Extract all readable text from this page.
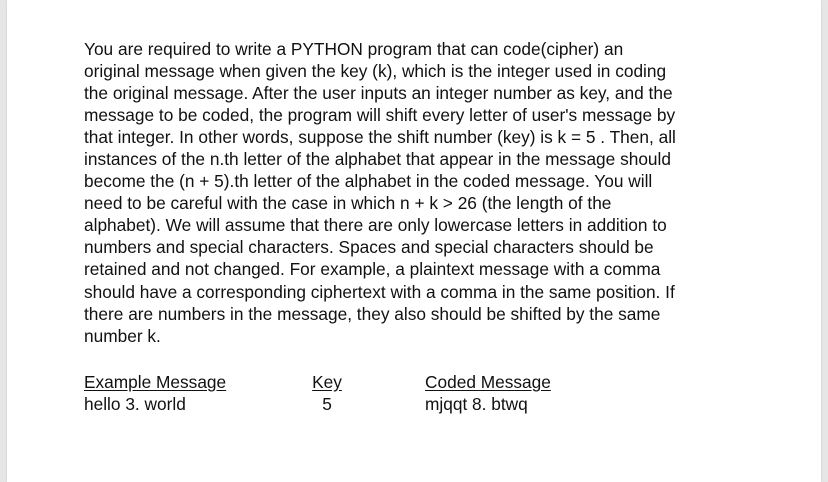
You are required to write a PYTHON program that can code(cipher) an
original message when given the key (k), which is the integer used in coding
the original message. After the user inputs an integer number as key, and the
message to be coded, the program will shift every letter of user's message by
that integer. In other words, suppose the shift number (key) is k = 5 . Then, all
instances of the n.th letter of the alphabet that appear in the message should
become the (n + 5).th letter of the alphabet in the coded message. You will
need to be careful with the case in which n + k > 26 (the length of the
alphabet). We will assume that there are only lowercase letters in addition to
numbers and special characters. Spaces and special characters should be
retained and not changed. For example, a plaintext message with a comma
should have a corresponding ciphertext with a comma in the same position. If
there are numbers in the message, they also should be shifted by the same
number k.

Example Message
hello 3. world
Key
5
Coded Message
mjqqt 8. btwq
